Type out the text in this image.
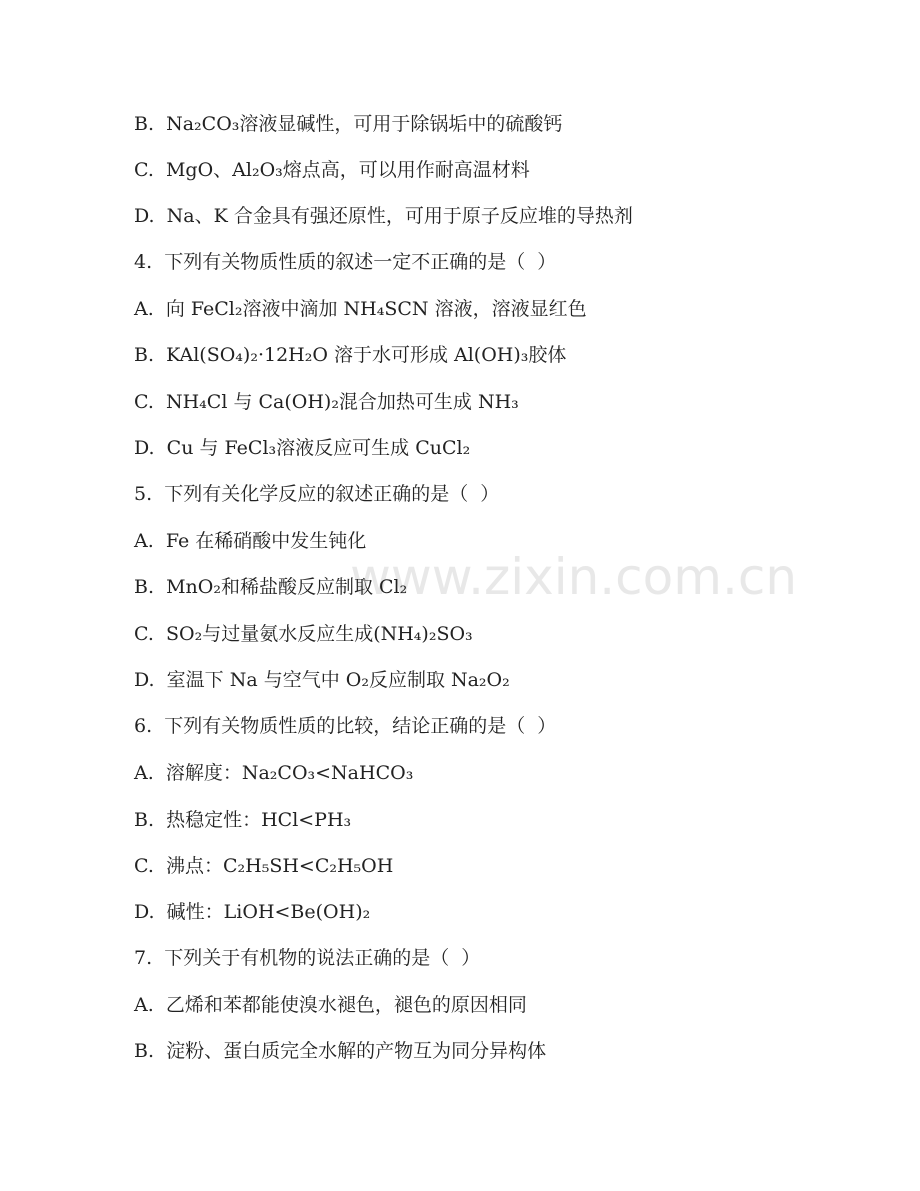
www.zixin.com.cn
B.  Na₂CO₃溶液显碱性，可用于除锅垢中的硫酸钙
C.  MgO、Al₂O₃熔点高，可以用作耐高温材料
D.  Na、K 合金具有强还原性，可用于原子反应堆的导热剂
4.  下列有关物质性质的叙述一定不正确的是（  ）
A.  向 FeCl₂溶液中滴加 NH₄SCN 溶液，溶液显红色
B.  KAl(SO₄)₂·12H₂O 溶于水可形成 Al(OH)₃胶体
C.  NH₄Cl 与 Ca(OH)₂混合加热可生成 NH₃
D.  Cu 与 FeCl₃溶液反应可生成 CuCl₂
5.  下列有关化学反应的叙述正确的是（  ）
A.  Fe 在稀硝酸中发生钝化
B.  MnO₂和稀盐酸反应制取 Cl₂
C.  SO₂与过量氨水反应生成(NH₄)₂SO₃
D.  室温下 Na 与空气中 O₂反应制取 Na₂O₂
6.  下列有关物质性质的比较，结论正确的是（  ）
A.  溶解度：Na₂CO₃<NaHCO₃
B.  热稳定性：HCl<PH₃
C.  沸点：C₂H₅SH<C₂H₅OH
D.  碱性：LiOH<Be(OH)₂
7.  下列关于有机物的说法正确的是（  ）
A.  乙烯和苯都能使溴水褪色，褪色的原因相同
B.  淀粉、蛋白质完全水解的产物互为同分异构体
